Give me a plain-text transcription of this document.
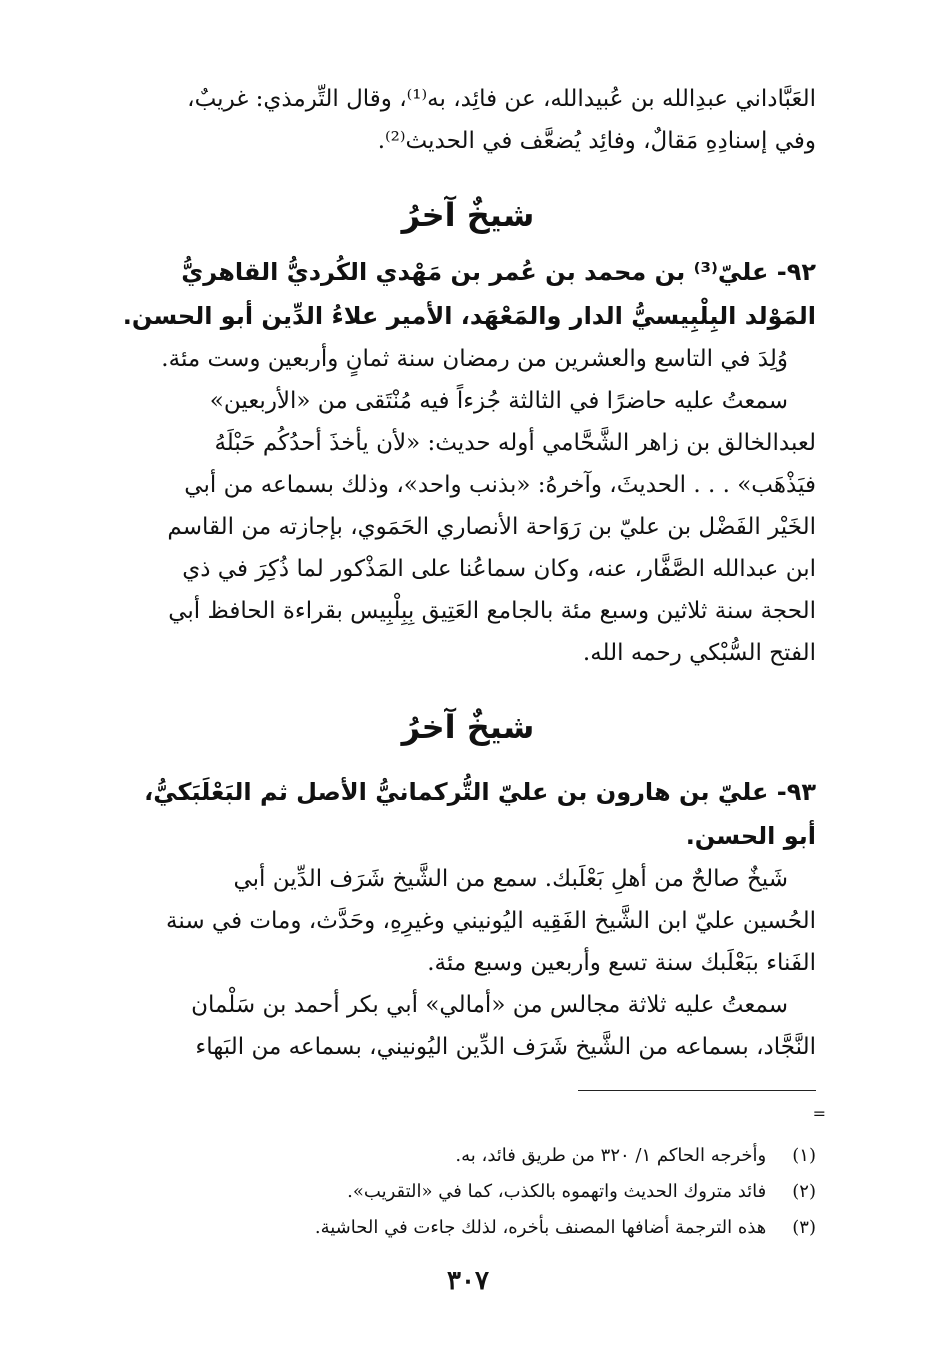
العَبَّاداني عبدِالله بن عُبيدالله، عن فائِد، به⁽¹⁾، وقال التِّرمذي: غريبٌ،

وفي إسنادِهِ مَقالٌ، وفائِد يُضعَّف في الحديث⁽²⁾.

شيخٌ آخرُ

٩٢- عليّ⁽³⁾ بن محمد بن عُمر بن مَهْدي الكُرديُّ القاهريُّ

المَوْلد البِلْبِيسيُّ الدار والمَعْهَد، الأمير علاءُ الدِّين أبو الحسن.

وُلِدَ في التاسع والعشرين من رمضان سنة ثمانٍ وأربعين وست مئة.

سمعتُ عليه حاضرًا في الثالثة جُزءاً فيه مُنْتَقى من «الأربعين»

لعبدالخالق بن زاهر الشَّحَّامي أوله حديث: «لأن يأخذَ أحدُكُم حَبْلَهُ

فيَذْهَب» . . . الحديثَ، وآخرهُ: «بذنب واحد»، وذلك بسماعه من أبي

الخَيْر الفَضْل بن عليّ بن رَوَاحة الأنصاري الحَمَوي، بإجازته من القاسم

ابن عبدالله الصَّفَّار، عنه، وكان سماعُنا على المَذْكور لما ذُكِرَ في ذي

الحجة سنة ثلاثين وسبع مئة بالجامع العَتِيق بِبِلْبِيس بقراءة الحافظ أبي

الفتح السُّبْكي رحمه الله.

شيخٌ آخرُ

٩٣- عليّ بن هارون بن عليّ التُّركمانيُّ الأصل ثم البَعْلَبَكيُّ،

أبو الحسن.

شَيخٌ صالحٌ من أهلِ بَعْلَبك. سمع من الشَّيخ شَرَف الدِّين أبي

الحُسين عليّ ابن الشَّيخ الفَقِيه اليُونيني وغيرِهِ، وحَدَّث، ومات في سنة

الفَناء ببَعْلَبك سنة تسع وأربعين وسبع مئة.

سمعتُ عليه ثلاثة مجالس من «أمالي» أبي بكر أحمد بن سَلْمان

النَّجَّاد، بسماعه من الشَّيخ شَرَف الدِّين اليُونيني، بسماعه من البَهاء

=
(١) وأخرجه الحاكم ١/ ٣٢٠ من طريق فائد، به.
(٢) فائد متروك الحديث واتهموه بالكذب، كما في «التقريب».
(٣) هذه الترجمة أضافها المصنف بأخره، لذلك جاءت في الحاشية.
٣٠٧
